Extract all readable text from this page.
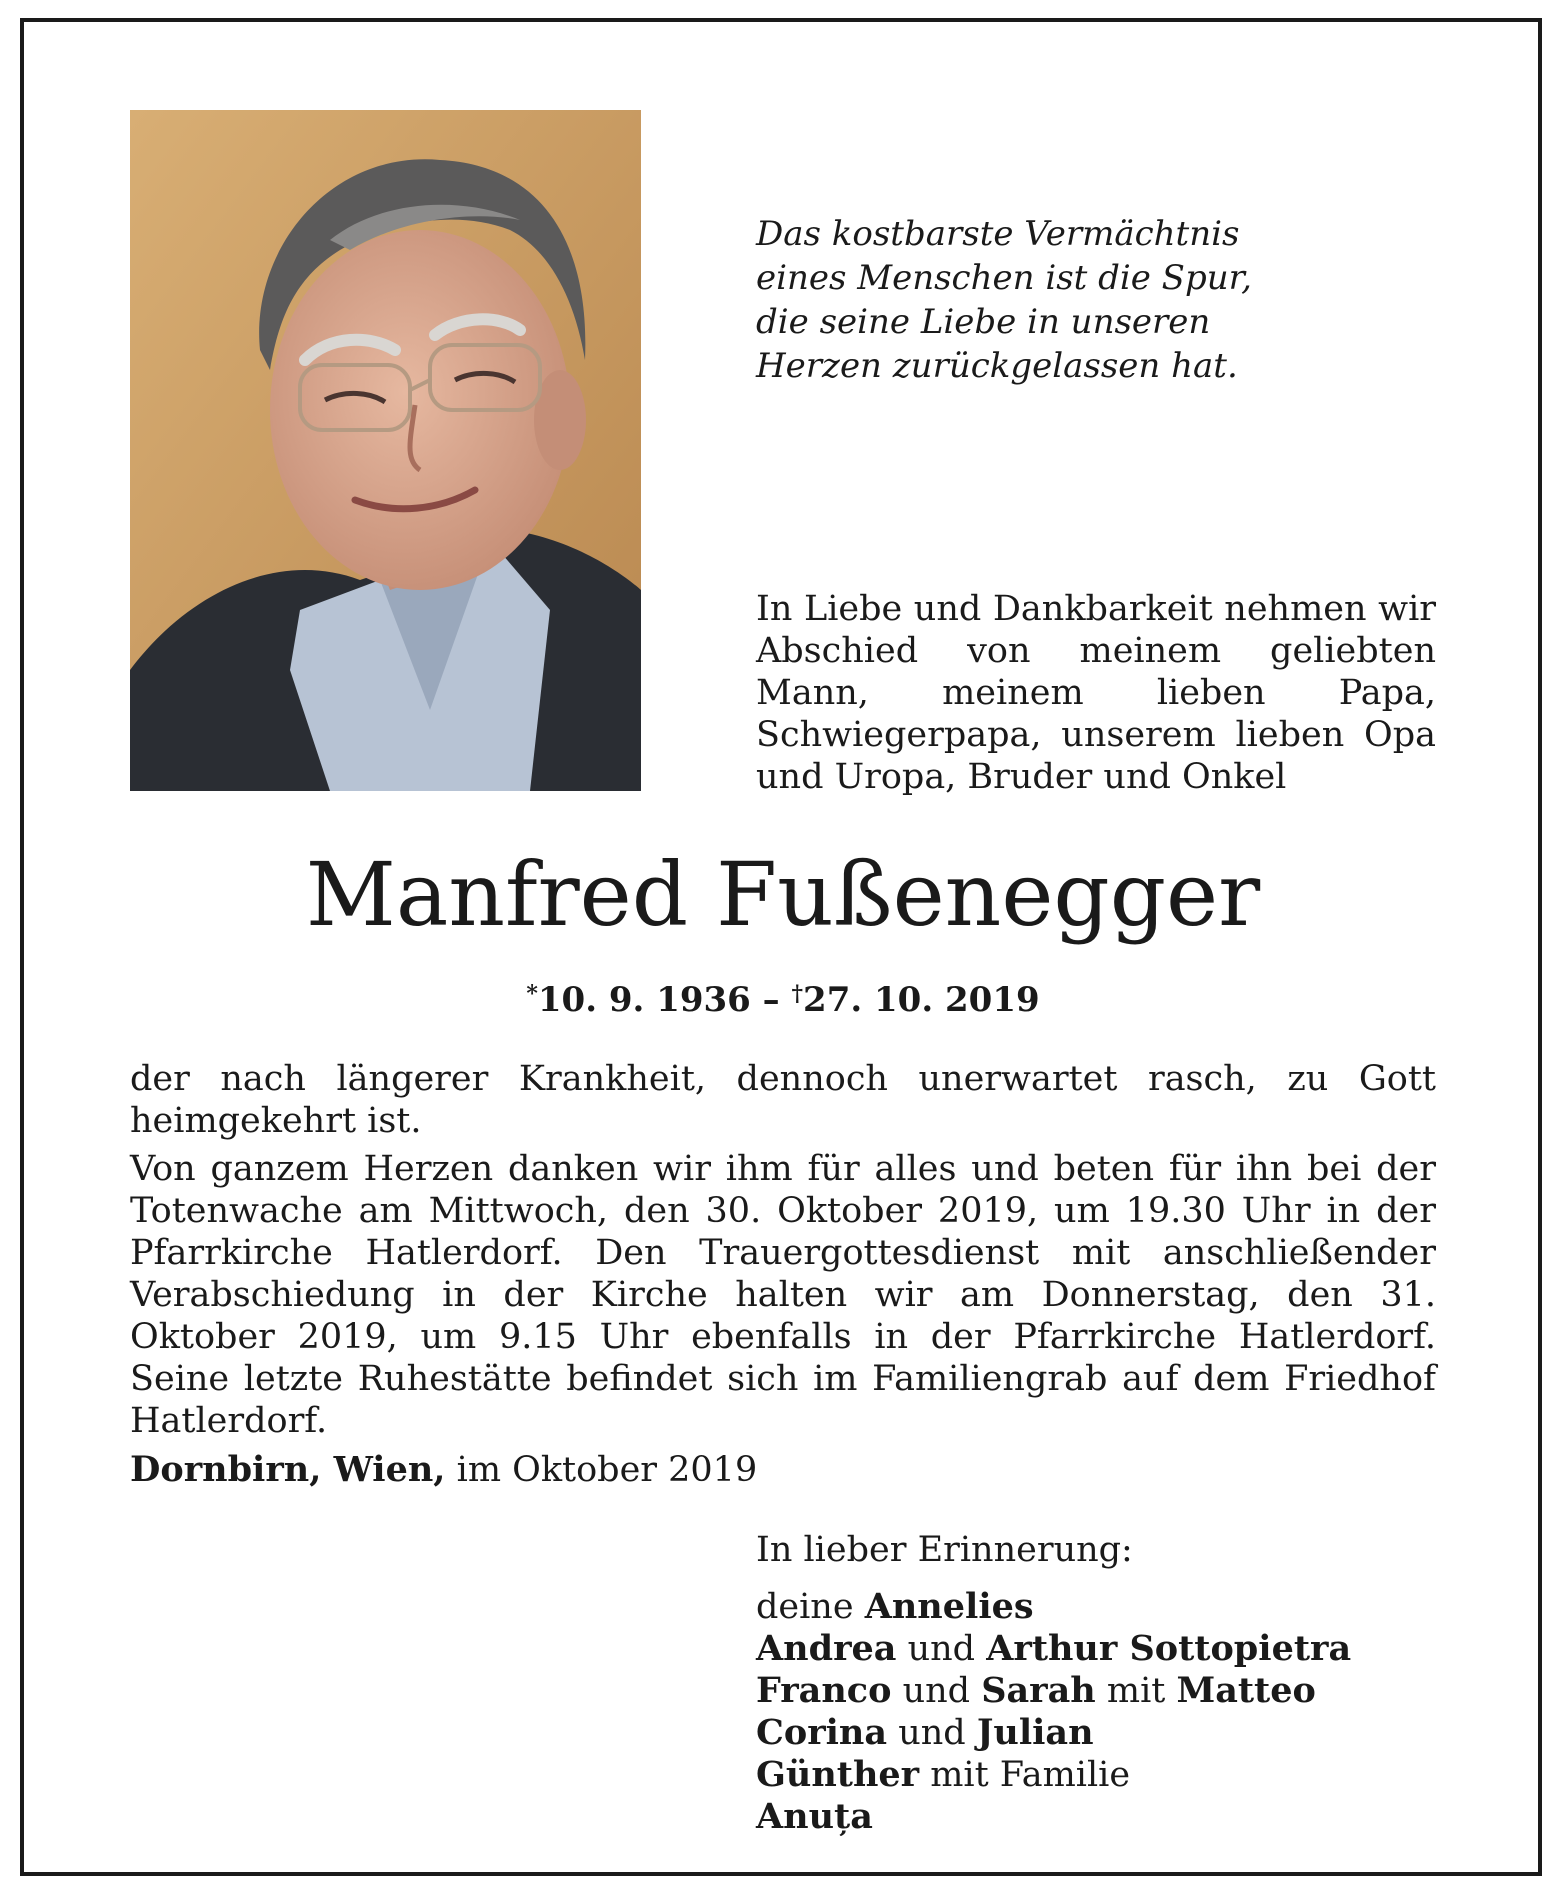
Das kostbarste Vermächtnis
eines Menschen ist die Spur,
die seine Liebe in unseren
Herzen zurückgelassen hat.
In Liebe und Dankbarkeit nehmen wir Abschied von meinem geliebten Mann, meinem lieben Papa, Schwiegerpapa, unserem lieben Opa und Uropa, Bruder und Onkel
Manfred Fußenegger
*10. 9. 1936 – †27. 10. 2019

der nach längerer Krankheit, dennoch unerwartet rasch, zu Gott heimgekehrt ist.

Von ganzem Herzen danken wir ihm für alles und beten für ihn bei der Totenwache am Mittwoch, den 30. Oktober 2019, um 19.30 Uhr in der Pfarrkirche Hatlerdorf. Den Trauergottesdienst mit anschließender Verabschiedung in der Kirche halten wir am Donnerstag, den 31. Oktober 2019, um 9.15 Uhr ebenfalls in der Pfarrkirche Hatlerdorf. Seine letzte Ruhestätte befindet sich im Familiengrab auf dem Friedhof Hatlerdorf.

Dornbirn, Wien, im Oktober 2019
In lieber Erinnerung:
deine Annelies
Andrea und Arthur Sottopietra
Franco und Sarah mit Matteo
Corina und Julian
Günther mit Familie
Anuța
